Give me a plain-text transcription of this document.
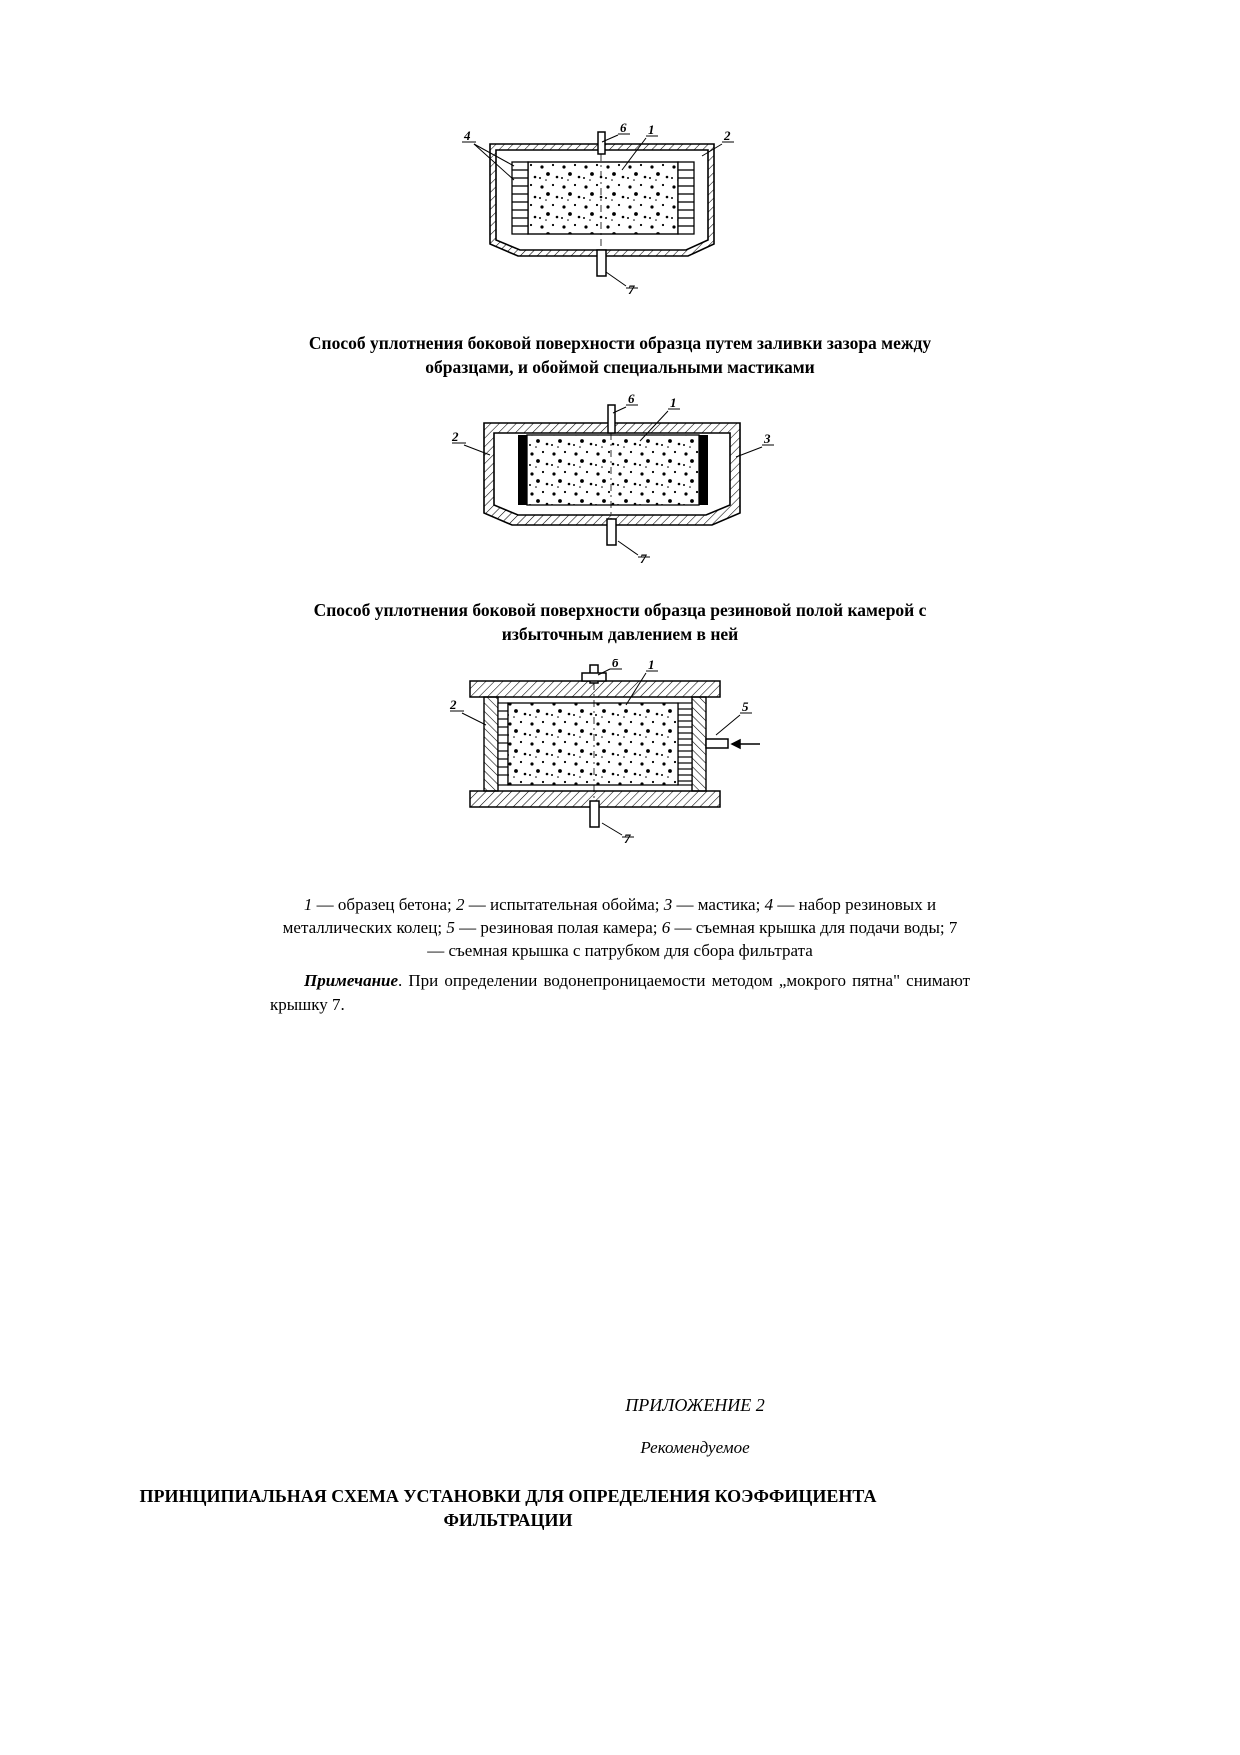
4
6 1	2
7
Способ уплотнения боковой поверхности образца путем заливки зазора между образцами, и обоймой специальными мастиками
6	1
2	3
7
Способ уплотнения боковой поверхности образца резиновой полой камерой с избыточным давлением в ней
б 1
2	5
7
1 — образец бетона; 2 — испытательная обойма; 3 — мастика; 4 — набор резиновых и металлических колец; 5 — резиновая полая камера; 6 — съемная крышка для подачи воды; 7 — съемная крышка с патрубком для сбора фильтрата
Примечание. При определении водонепроницаемости методом „мокрого пятна" снимают крышку 7.
ПРИЛОЖЕНИЕ 2
Рекомендуемое
ПРИНЦИПИАЛЬНАЯ СХЕМА УСТАНОВКИ ДЛЯ ОПРЕДЕЛЕНИЯ КОЭФФИЦИЕНТА ФИЛЬТРАЦИИ
